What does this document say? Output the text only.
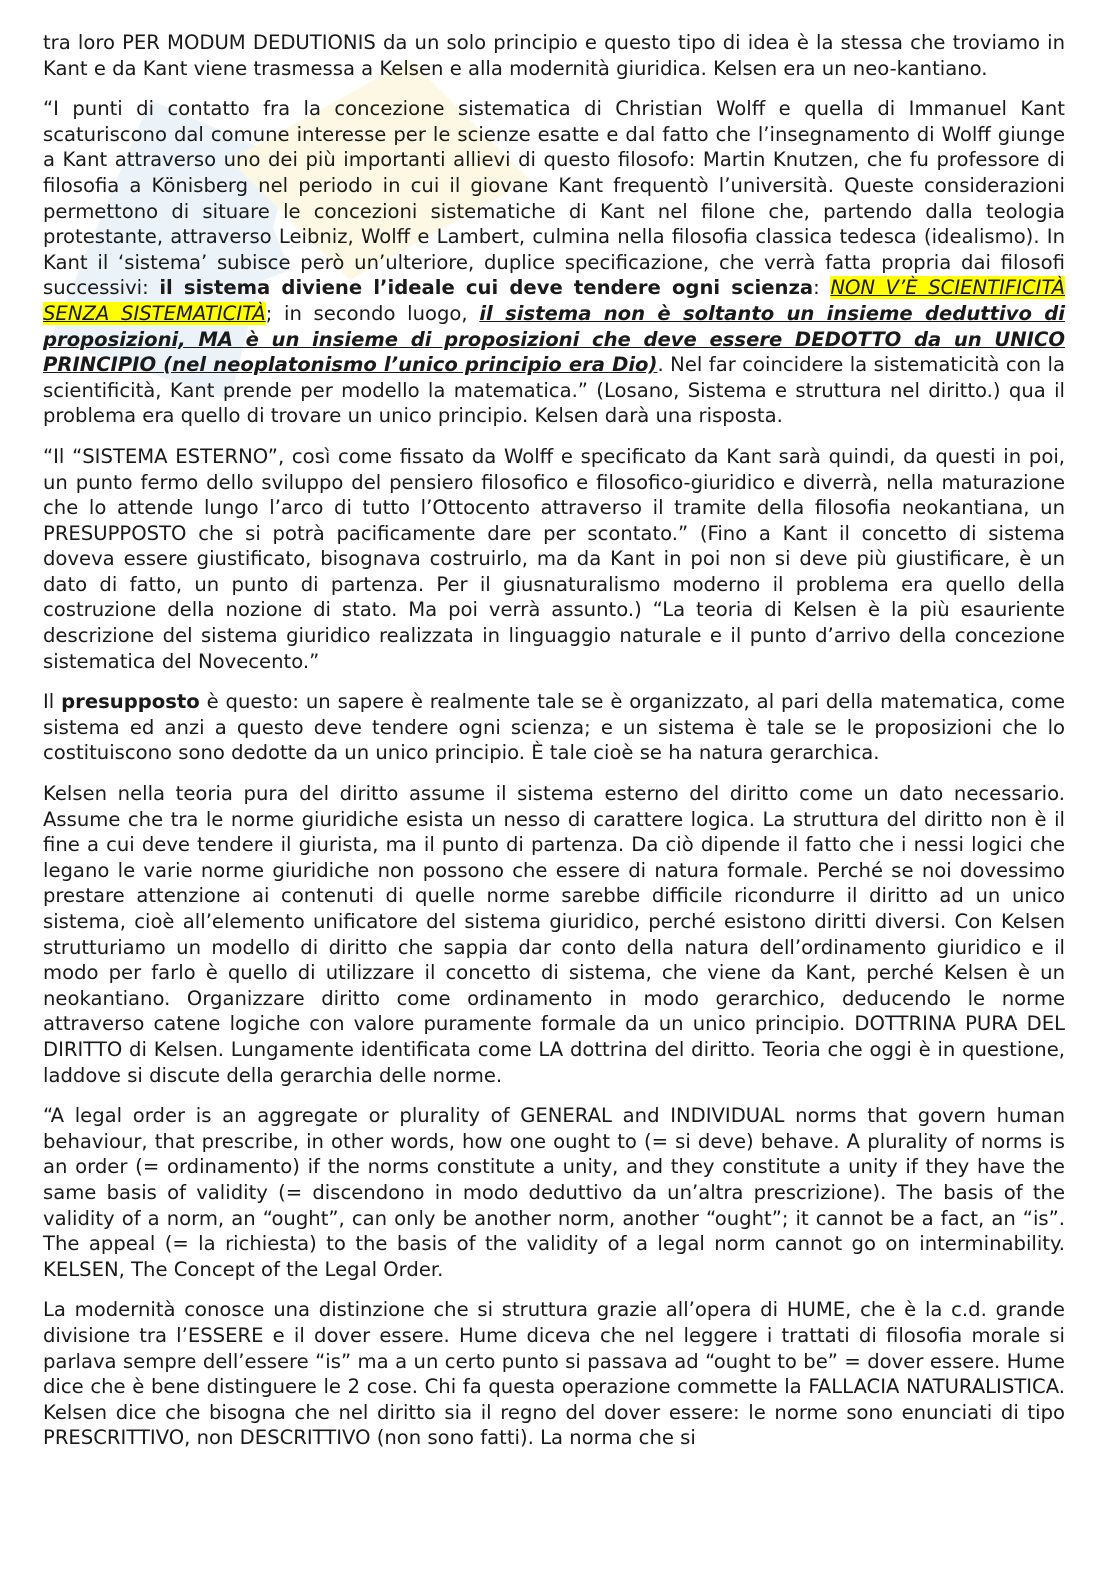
tra loro PER MODUM DEDUTIONIS da un solo principio e questo tipo di idea è la stessa che troviamo in Kant e da Kant viene trasmessa a Kelsen e alla modernità giuridica. Kelsen era un neo-kantiano.

“I punti di contatto fra la concezione sistematica di Christian Wolff e quella di Immanuel Kant scaturiscono dal comune interesse per le scienze esatte e dal fatto che l’insegnamento di Wolff giunge a Kant attraverso uno dei più importanti allievi di questo filosofo: Martin Knutzen, che fu professore di filosofia a Könisberg nel periodo in cui il giovane Kant frequentò l’università. Queste considerazioni permettono di situare le concezioni sistematiche di Kant nel filone che, partendo dalla teologia protestante, attraverso Leibniz, Wolff e Lambert, culmina nella filosofia classica tedesca (idealismo). In Kant il ‘sistema’ subisce però un’ulteriore, duplice specificazione, che verrà fatta propria dai filosofi successivi: il sistema diviene l’ideale cui deve tendere ogni scienza: NON V’È SCIENTIFICITÀ SENZA SISTEMATICITÀ; in secondo luogo, il sistema non è soltanto un insieme deduttivo di proposizioni, MA è un insieme di proposizioni che deve essere DEDOTTO da un UNICO PRINCIPIO (nel neoplatonismo l’unico principio era Dio). Nel far coincidere la sistematicità con la scientificità, Kant prende per modello la matematica.” (Losano, Sistema e struttura nel diritto.) qua il problema era quello di trovare un unico principio. Kelsen darà una risposta.

“Il “SISTEMA ESTERNO”, così come fissato da Wolff e specificato da Kant sarà quindi, da questi in poi, un punto fermo dello sviluppo del pensiero filosofico e filosofico-giuridico e diverrà, nella maturazione che lo attende lungo l’arco di tutto l’Ottocento attraverso il tramite della filosofia neokantiana, un PRESUPPOSTO che si potrà pacificamente dare per scontato.” (Fino a Kant il concetto di sistema doveva essere giustificato, bisognava costruirlo, ma da Kant in poi non si deve più giustificare, è un dato di fatto, un punto di partenza. Per il giusnaturalismo moderno il problema era quello della costruzione della nozione di stato. Ma poi verrà assunto.) “La teoria di Kelsen è la più esauriente descrizione del sistema giuridico realizzata in linguaggio naturale e il punto d’arrivo della concezione sistematica del Novecento.”

Il presupposto è questo: un sapere è realmente tale se è organizzato, al pari della matematica, come sistema ed anzi a questo deve tendere ogni scienza; e un sistema è tale se le proposizioni che lo costituiscono sono dedotte da un unico principio. È tale cioè se ha natura gerarchica.

Kelsen nella teoria pura del diritto assume il sistema esterno del diritto come un dato necessario. Assume che tra le norme giuridiche esista un nesso di carattere logica. La struttura del diritto non è il fine a cui deve tendere il giurista, ma il punto di partenza. Da ciò dipende il fatto che i nessi logici che legano le varie norme giuridiche non possono che essere di natura formale. Perché se noi dovessimo prestare attenzione ai contenuti di quelle norme sarebbe difficile ricondurre il diritto ad un unico sistema, cioè all’elemento unificatore del sistema giuridico, perché esistono diritti diversi. Con Kelsen strutturiamo un modello di diritto che sappia dar conto della natura dell’ordinamento giuridico e il modo per farlo è quello di utilizzare il concetto di sistema, che viene da Kant, perché Kelsen è un neokantiano. Organizzare diritto come ordinamento in modo gerarchico, deducendo le norme attraverso catene logiche con valore puramente formale da un unico principio. DOTTRINA PURA DEL DIRITTO di Kelsen. Lungamente identificata come LA dottrina del diritto. Teoria che oggi è in questione, laddove si discute della gerarchia delle norme.

“A legal order is an aggregate or plurality of GENERAL and INDIVIDUAL norms that govern human behaviour, that prescribe, in other words, how one ought to (= si deve) behave. A plurality of norms is an order (= ordinamento) if the norms constitute a unity, and they constitute a unity if they have the same basis of validity (= discendono in modo deduttivo da un’altra prescrizione). The basis of the validity of a norm, an “ought”, can only be another norm, another “ought”; it cannot be a fact, an “is”. The appeal (= la richiesta) to the basis of the validity of a legal norm cannot go on interminability. KELSEN, The Concept of the Legal Order.

La modernità conosce una distinzione che si struttura grazie all’opera di HUME, che è la c.d. grande divisione tra l’ESSERE e il dover essere. Hume diceva che nel leggere i trattati di filosofia morale si parlava sempre dell’essere “is” ma a un certo punto si passava ad “ought to be” = dover essere. Hume dice che è bene distinguere le 2 cose. Chi fa questa operazione commette la FALLACIA NATURALISTICA. Kelsen dice che bisogna che nel diritto sia il regno del dover essere: le norme sono enunciati di tipo PRESCRITTIVO, non DESCRITTIVO (non sono fatti). La norma che si
